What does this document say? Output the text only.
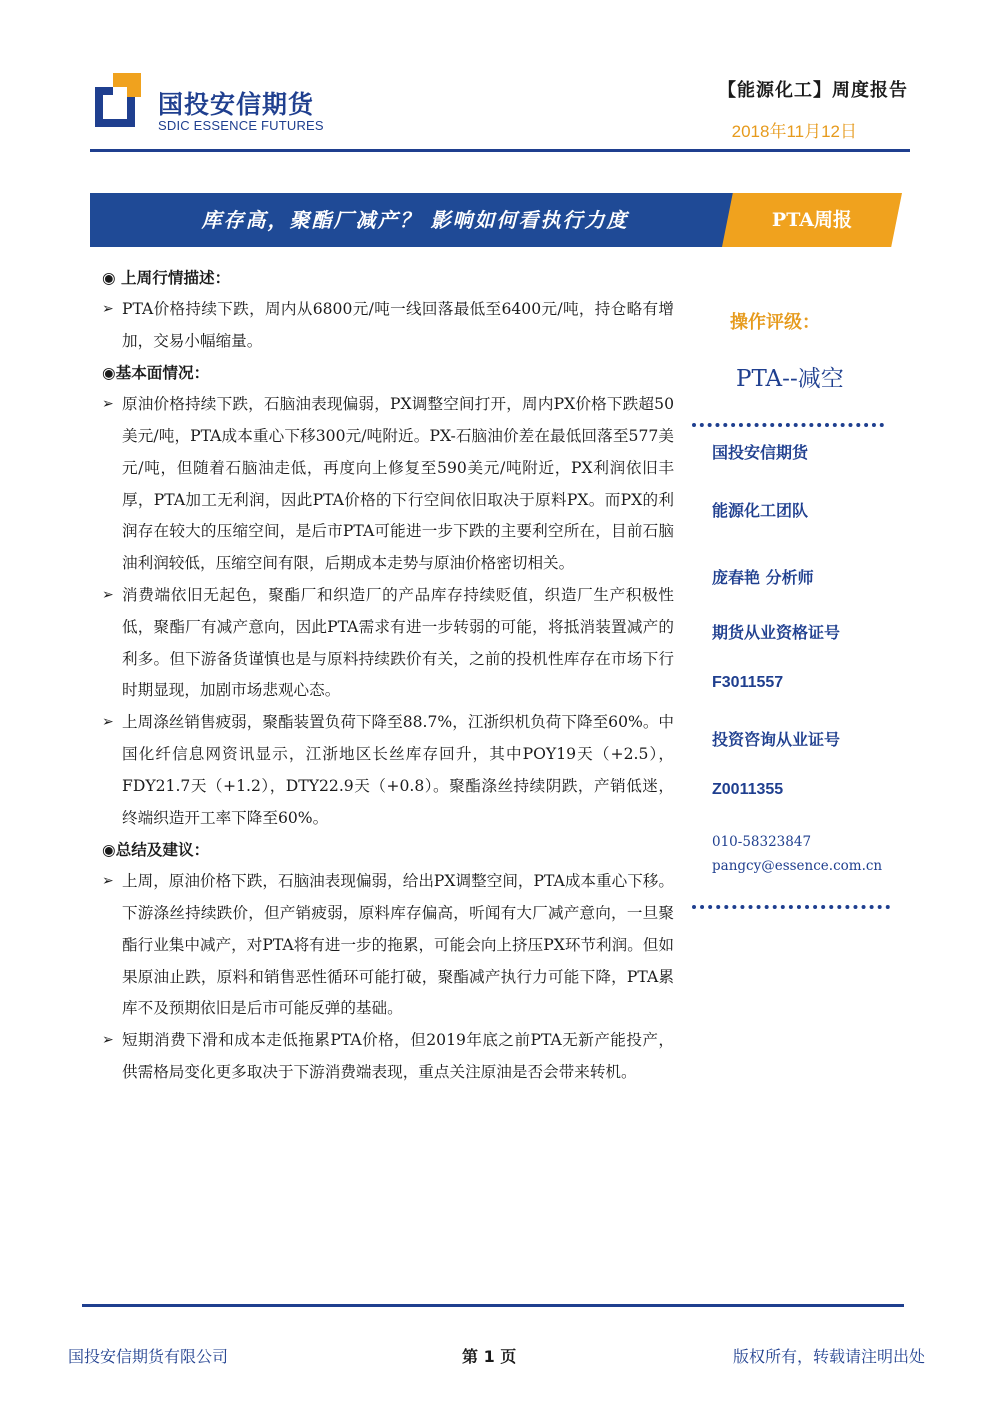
国投安信期货
SDIC ESSENCE FUTURES
【能源化工】周度报告
2018年11月12日
库存高，聚酯厂减产？ 影响如何看执行力度	PTA周报

◉ 上周行情描述：

➢ PTA价格持续下跌，周内从6800元/吨一线回落最低至6400元/吨，持仓略有增加，交易小幅缩量。

◉基本面情况：

➢ 原油价格持续下跌，石脑油表现偏弱，PX调整空间打开，周内PX价格下跌超50美元/吨，PTA成本重心下移300元/吨附近。PX-石脑油价差在最低回落至577美元/吨，但随着石脑油走低，再度向上修复至590美元/吨附近，PX利润依旧丰厚，PTA加工无利润，因此PTA价格的下行空间依旧取决于原料PX。而PX的利润存在较大的压缩空间，是后市PTA可能进一步下跌的主要利空所在，目前石脑油利润较低，压缩空间有限，后期成本走势与原油价格密切相关。

➢ 消费端依旧无起色，聚酯厂和织造厂的产品库存持续贬值，织造厂生产积极性低，聚酯厂有减产意向，因此PTA需求有进一步转弱的可能，将抵消装置减产的利多。但下游备货谨慎也是与原料持续跌价有关，之前的投机性库存在市场下行时期显现，加剧市场悲观心态。

➢ 上周涤丝销售疲弱，聚酯装置负荷下降至88.7%，江浙织机负荷下降至60%。中国化纤信息网资讯显示，江浙地区长丝库存回升，其中POY19天（+2.5），FDY21.7天（+1.2），DTY22.9天（+0.8）。聚酯涤丝持续阴跌，产销低迷，终端织造开工率下降至60%。

◉总结及建议：

➢ 上周，原油价格下跌，石脑油表现偏弱，给出PX调整空间，PTA成本重心下移。下游涤丝持续跌价，但产销疲弱，原料库存偏高，听闻有大厂减产意向，一旦聚酯行业集中减产，对PTA将有进一步的拖累，可能会向上挤压PX环节利润。但如果原油止跌，原料和销售恶性循环可能打破，聚酯减产执行力可能下降，PTA累库不及预期依旧是后市可能反弹的基础。

➢ 短期消费下滑和成本走低拖累PTA价格，但2019年底之前PTA无新产能投产，供需格局变化更多取决于下游消费端表现，重点关注原油是否会带来转机。

操作评级：
PTA--减空
国投安信期货
能源化工团队
庞春艳 分析师
期货从业资格证号
F3011557
投资咨询从业证号
Z0011355
010-58323847
pangcy@essence.com.cn
国投安信期货有限公司	第 1 页	版权所有，转载请注明出处
